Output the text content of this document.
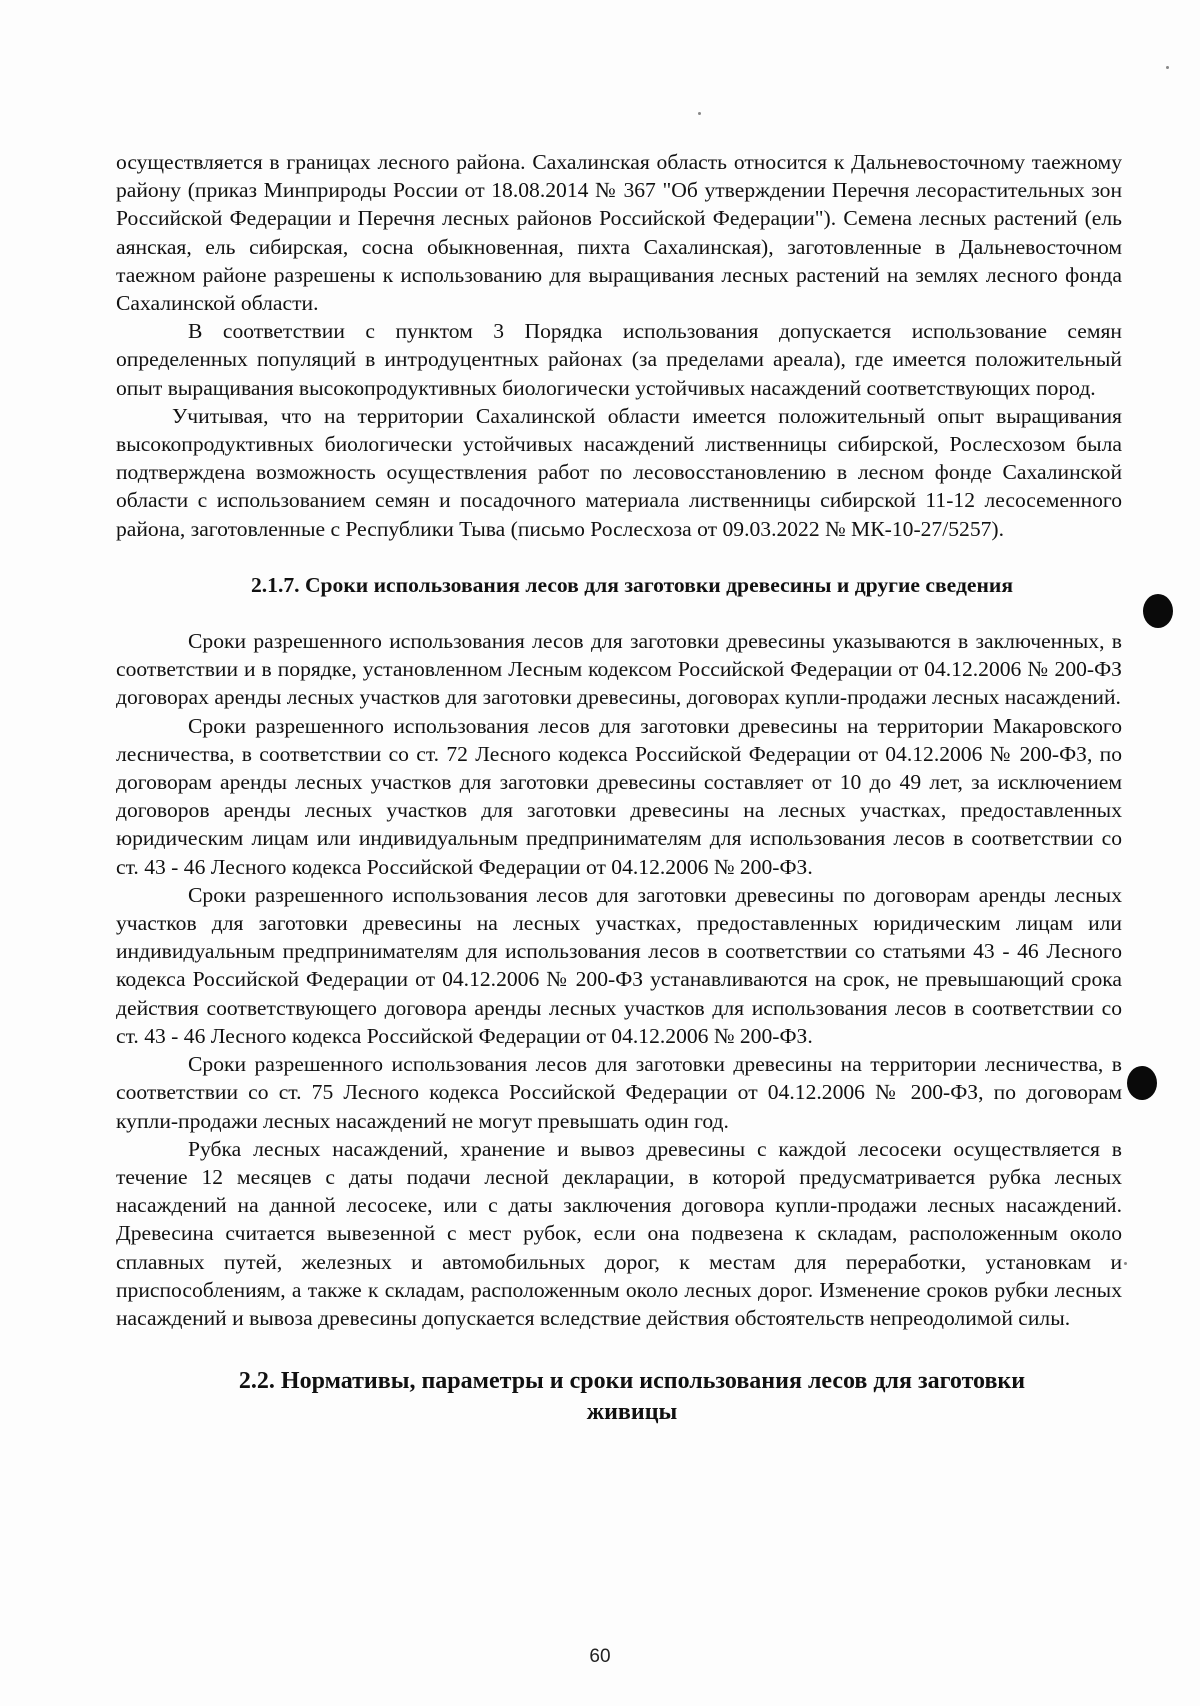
осуществляется в границах лесного района. Сахалинская область относится к Дальневосточному таежному району (приказ Минприроды России от 18.08.2014 № 367 "Об утверждении Перечня лесорастительных зон Российской Федерации и Перечня лесных районов Российской Федерации"). Семена лесных растений (ель аянская, ель сибирская, сосна обыкновенная, пихта Сахалинская), заготовленные в Дальневосточном таежном районе разрешены к использованию для выращивания лесных растений на землях лесного фонда Сахалинской области.

В соответствии с пунктом 3 Порядка использования допускается использование семян определенных популяций в интродуцентных районах (за пределами ареала), где имеется положительный опыт выращивания высокопродуктивных биологически устойчивых насаждений соответствующих пород.

Учитывая, что на территории Сахалинской области имеется положительный опыт выращивания высокопродуктивных биологически устойчивых насаждений лиственницы сибирской, Рослесхозом была подтверждена возможность осуществления работ по лесовосстановлению в лесном фонде Сахалинской области с использованием семян и посадочного материала лиственницы сибирской 11-12 лесосеменного района, заготовленные с Республики Тыва (письмо Рослесхоза от 09.03.2022 № МК-10-27/5257).

2.1.7. Сроки использования лесов для заготовки древесины и другие сведения

Сроки разрешенного использования лесов для заготовки древесины указываются в заключенных, в соответствии и в порядке, установленном Лесным кодексом Российской Федерации от 04.12.2006 № 200-ФЗ договорах аренды лесных участков для заготовки древесины, договорах купли-продажи лесных насаждений.

Сроки разрешенного использования лесов для заготовки древесины на территории Макаровского лесничества, в соответствии со ст. 72 Лесного кодекса Российской Федерации от 04.12.2006 № 200-ФЗ, по договорам аренды лесных участков для заготовки древесины составляет от 10 до 49 лет, за исключением договоров аренды лесных участков для заготовки древесины на лесных участках, предоставленных юридическим лицам или индивидуальным предпринимателям для использования лесов в соответствии со ст. 43 - 46 Лесного кодекса Российской Федерации от 04.12.2006 № 200-ФЗ.

Сроки разрешенного использования лесов для заготовки древесины по договорам аренды лесных участков для заготовки древесины на лесных участках, предоставленных юридическим лицам или индивидуальным предпринимателям для использования лесов в соответствии со статьями 43 - 46 Лесного кодекса Российской Федерации от 04.12.2006 № 200-ФЗ устанавливаются на срок, не превышающий срока действия соответствующего договора аренды лесных участков для использования лесов в соответствии со ст. 43 - 46 Лесного кодекса Российской Федерации от 04.12.2006 № 200-ФЗ.

Сроки разрешенного использования лесов для заготовки древесины на территории лесничества, в соответствии со ст. 75 Лесного кодекса Российской Федерации от 04.12.2006 № 200-ФЗ, по договорам купли-продажи лесных насаждений не могут превышать один год.

Рубка лесных насаждений, хранение и вывоз древесины с каждой лесосеки осуществляется в течение 12 месяцев с даты подачи лесной декларации, в которой предусматривается рубка лесных насаждений на данной лесосеке, или с даты заключения договора купли-продажи лесных насаждений. Древесина считается вывезенной с мест рубок, если она подвезена к складам, расположенным около сплавных путей, железных и автомобильных дорог, к местам для переработки, установкам и приспособлениям, а также к складам, расположенным около лесных дорог. Изменение сроков рубки лесных насаждений и вывоза древесины допускается вследствие действия обстоятельств непреодолимой силы.

2.2. Нормативы, параметры и сроки использования лесов для заготовки
живицы
60
